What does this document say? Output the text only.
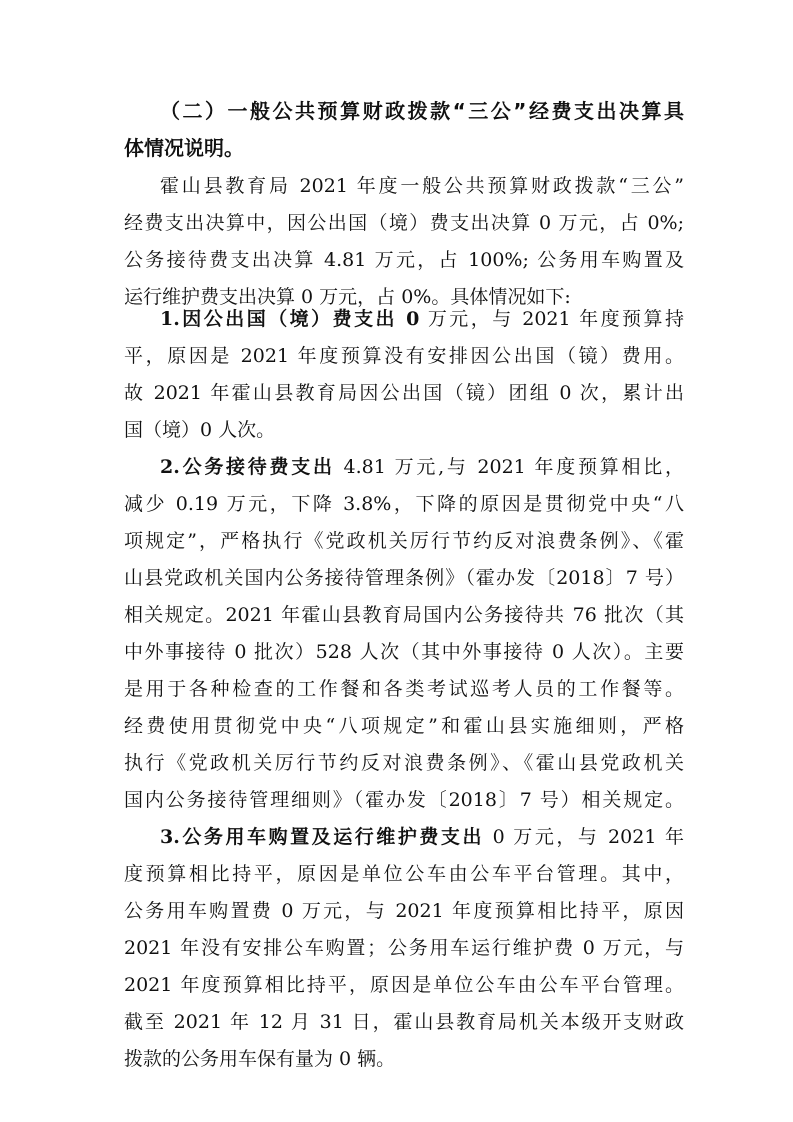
（二）一般公共预算财政拨款“三公”经费支出决算具
体情况说明。
霍山县教育局 2021 年度一般公共预算财政拨款“三公”
经费支出决算中，因公出国（境）费支出决算 0 万元，占 0%;
公务接待费支出决算 4.81 万元，占 100%; 公务用车购置及
运行维护费支出决算 0 万元，占 0%。具体情况如下:
1.因公出国（境）费支出 0 万元，与 2021 年度预算持
平，原因是 2021 年度预算没有安排因公出国（镜）费用。
故 2021 年霍山县教育局因公出国（镜）团组 0 次，累计出
国（境）0 人次。
2.公务接待费支出 4.81 万元,与 2021 年度预算相比，
减少 0.19 万元，下降 3.8%，下降的原因是贯彻党中央“八
项规定”，严格执行《党政机关厉行节约反对浪费条例》、《霍
山县党政机关国内公务接待管理条例》（霍办发〔2018〕7 号）
相关规定。2021 年霍山县教育局国内公务接待共 76 批次（其
中外事接待 0 批次）528 人次（其中外事接待 0 人次）。主要
是用于各种检查的工作餐和各类考试巡考人员的工作餐等。
经费使用贯彻党中央“八项规定”和霍山县实施细则，严格
执行《党政机关厉行节约反对浪费条例》、《霍山县党政机关
国内公务接待管理细则》（霍办发〔2018〕7 号）相关规定。
3.公务用车购置及运行维护费支出 0 万元，与 2021 年
度预算相比持平，原因是单位公车由公车平台管理。其中，
公务用车购置费 0 万元，与 2021 年度预算相比持平，原因
2021 年没有安排公车购置；公务用车运行维护费 0 万元，与
2021 年度预算相比持平，原因是单位公车由公车平台管理。
截至 2021 年 12 月 31 日，霍山县教育局机关本级开支财政
拨款的公务用车保有量为 0 辆。
